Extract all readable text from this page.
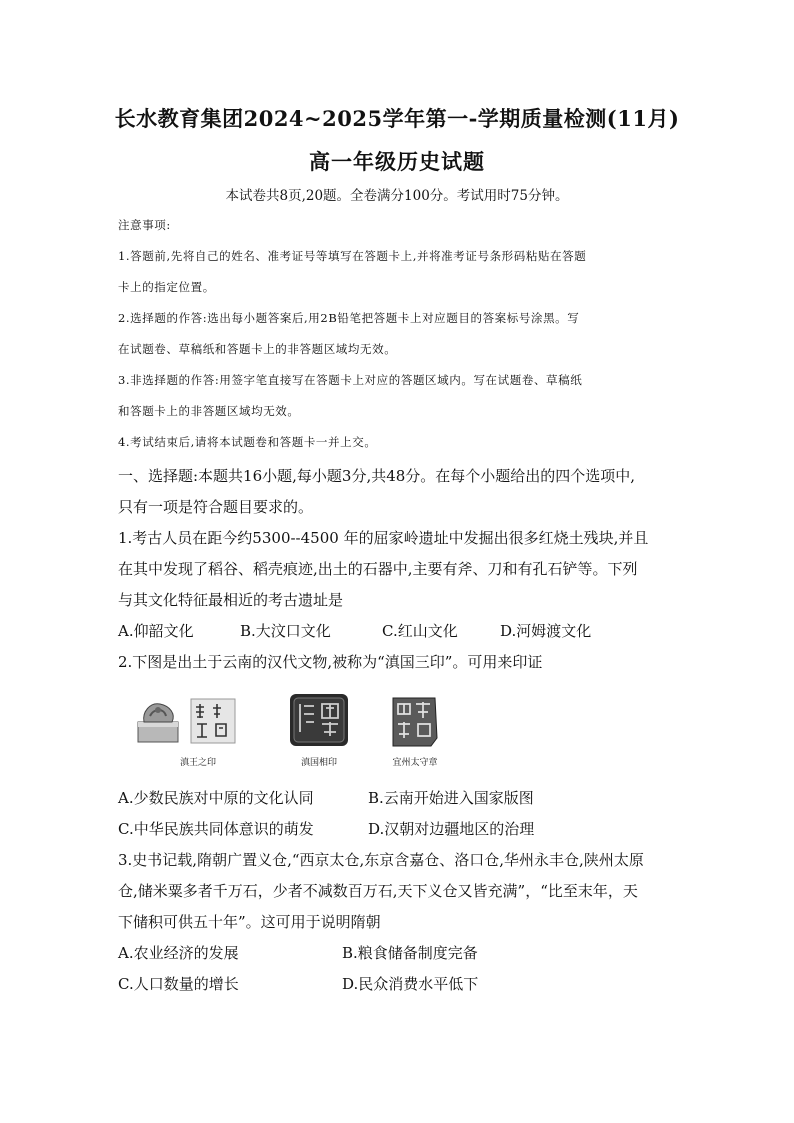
长水教育集团2024~2025学年第一-学期质量检测(11月)
高一年级历史试题
本试卷共8页,20题。全卷满分100分。考试用时75分钟。
注意事项:
1.答题前,先将自己的姓名、准考证号等填写在答题卡上,并将准考证号条形码粘贴在答题
卡上的指定位置。
2.选择题的作答:选出每小题答案后,用2B铅笔把答题卡上对应题目的答案标号涂黑。写
在试题卷、草稿纸和答题卡上的非答题区域均无效。
3.非选择题的作答:用签字笔直接写在答题卡上对应的答题区域内。写在试题卷、草稿纸
和答题卡上的非答题区域均无效。
4.考试结束后,请将本试题卷和答题卡一并上交。
一、选择题:本题共16小题,每小题3分,共48分。在每个小题给出的四个选项中,
只有一项是符合题目要求的。
1.考古人员在距今约5300--4500 年的屈家岭遗址中发掘出很多红烧土残块,并且
在其中发现了稻谷、稻壳痕迹,出土的石器中,主要有斧、刀和有孔石铲等。下列
与其文化特征最相近的考古遗址是
A.仰韶文化	B.大汶口文化	C.红山文化	D.河姆渡文化
2.下图是出土于云南的汉代文物,被称为“滇国三印”。可用来印证
滇王之印	滇国相印	宜州太守章
A.少数民族对中原的文化认同	B.云南开始进入国家版图
C.中华民族共同体意识的萌发	D.汉朝对边疆地区的治理
3.史书记载,隋朝广置义仓,“西京太仓,东京含嘉仓、洛口仓,华州永丰仓,陕州太原
仓,储米粟多者千万石，少者不减数百万石,天下义仓又皆充满”，“比至末年，天
下储积可供五十年”。这可用于说明隋朝
A.农业经济的发展	B.粮食储备制度完备
C.人口数量的增长	D.民众消费水平低下
